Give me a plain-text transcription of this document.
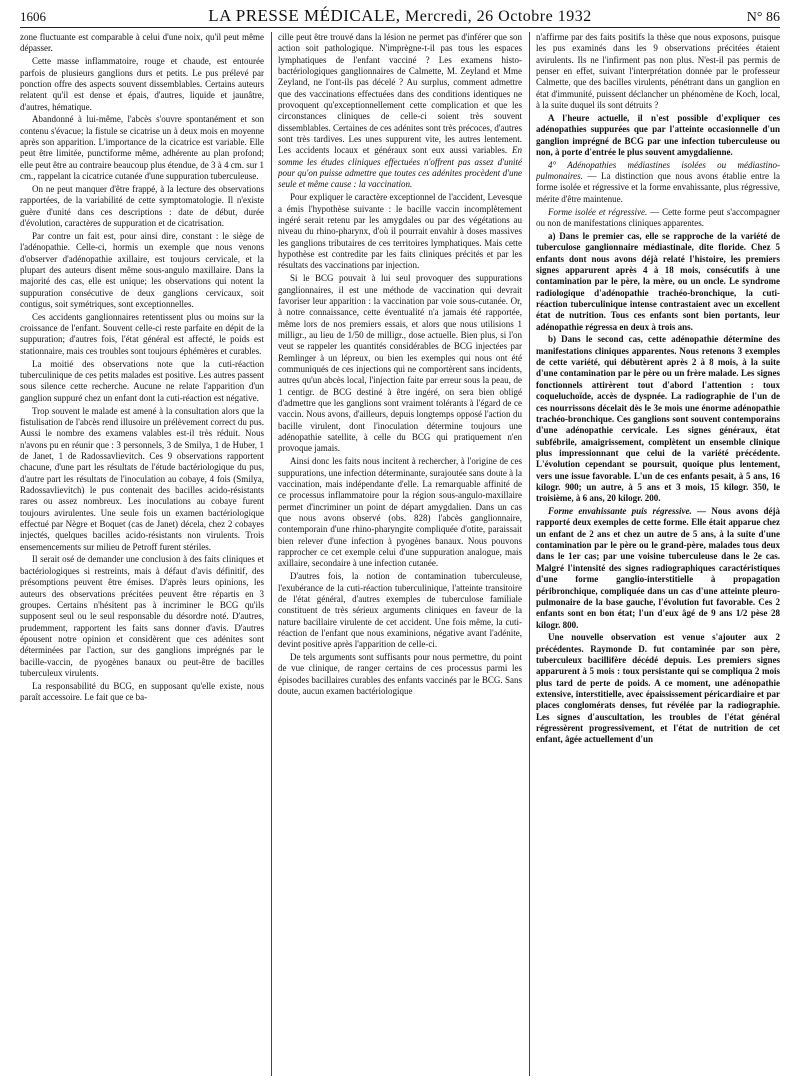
1606	LA PRESSE MÉDICALE, Mercredi, 26 Octobre 1932	N° 86

zone fluctuante est comparable à celui d'une noix, qu'il peut même dépasser.

Cette masse inflammatoire, rouge et chaude, est entourée parfois de plusieurs ganglions durs et petits. Le pus prélevé par ponction offre des aspects souvent dissemblables. Certains auteurs relatent qu'il est dense et épais, d'autres, liquide et jaunâtre, d'autres, hématique.

Abandonné à lui-même, l'abcès s'ouvre spontanément et son contenu s'évacue; la fistule se cicatrise un à deux mois en moyenne après son apparition. L'importance de la cicatrice est variable. Elle peut être limitée, punctiforme même, adhérente au plan profond; elle peut être au contraire beaucoup plus étendue, de 3 à 4 cm. sur 1 cm., rappelant la cicatrice cutanée d'une suppuration tuberculeuse.

On ne peut manquer d'être frappé, à la lecture des observations rapportées, de la variabilité de cette symptomatologie. Il n'existe guère d'unité dans ces descriptions : date de début, durée d'évolution, caractères de suppuration et de cicatrisation.

Par contre un fait est, pour ainsi dire, constant : le siège de l'adénopathie. Celle-ci, hormis un exemple que nous venons d'observer d'adénopathie axillaire, est toujours cervicale, et la plupart des auteurs disent même sous-angulo maxillaire. Dans la majorité des cas, elle est unique; les observations qui notent la suppuration consécutive de deux ganglions cervicaux, soit contigus, soit symétriques, sont exceptionnelles.

Ces accidents ganglionnaires retentissent plus ou moins sur la croissance de l'enfant. Souvent celle-ci reste parfaite en dépit de la suppuration; d'autres fois, l'état général est affecté, le poids est stationnaire, mais ces troubles sont toujours éphémères et curables.

La moitié des observations note que la cuti-réaction tuberculinique de ces petits malades est positive. Les autres passent sous silence cette recherche. Aucune ne relate l'apparition d'un ganglion suppuré chez un enfant dont la cuti-réaction est négative.

Trop souvent le malade est amené à la consultation alors que la fistulisation de l'abcès rend illusoire un prélèvement correct du pus. Aussi le nombre des examens valables est-il très réduit. Nous n'avons pu en réunir que : 3 personnels, 3 de Smilya, 1 de Huber, 1 de Janet, 1 de Radossavlievitch. Ces 9 observations rapportent chacune, d'une part les résultats de l'étude bactériologique du pus, d'autre part les résultats de l'inoculation au cobaye, 4 fois (Smilya, Radossavlievitch) le pus contenait des bacilles acido-résistants rares ou assez nombreux. Les inoculations au cobaye furent toujours avirulentes. Une seule fois un examen bactériologique effectué par Nègre et Boquet (cas de Janet) décela, chez 2 cobayes injectés, quelques bacilles acido-résistants non virulents. Trois ensemencements sur milieu de Petroff furent stériles.

Il serait osé de demander une conclusion à des faits cliniques et bactériologiques si restreints, mais à défaut d'avis définitif, des présomptions peuvent être émises. D'après leurs opinions, les auteurs des observations précitées peuvent être répartis en 3 groupes. Certains n'hésitent pas à incriminer le BCG qu'ils supposent seul ou le seul responsable du désordre noté. D'autres, prudemment, rapportent les faits sans donner d'avis. D'autres épousent notre opinion et considèrent que ces adénites sont déterminées par l'action, sur des ganglions imprégnés par le bacille-vaccin, de pyogènes banaux ou peut-être de bacilles tuberculeux virulents.

La responsabilité du BCG, en supposant qu'elle existe, nous paraît accessoire. Le fait que ce ba-

cille peut être trouvé dans la lésion ne permet pas d'inférer que son action soit pathologique. N'imprègne-t-il pas tous les espaces lymphatiques de l'enfant vacciné ? Les examens histo-bactériologiques ganglionnaires de Calmette, M. Zeyland et Mme Zeyland, ne l'ont-ils pas décelé ? Au surplus, comment admettre que des vaccinations effectuées dans des conditions identiques ne provoquent qu'exceptionnellement cette complication et que les circonstances cliniques de celle-ci soient très souvent dissemblables. Certaines de ces adénites sont très précoces, d'autres sont très tardives. Les unes suppurent vite, les autres lentement. Les accidents locaux et généraux sont eux aussi variables. En somme les études cliniques effectuées n'offrent pas assez d'unité pour qu'on puisse admettre que toutes ces adénites procèdent d'une seule et même cause : la vaccination.

Pour expliquer le caractère exceptionnel de l'accident, Levesque a émis l'hypothèse suivante : le bacille vaccin incomplètement ingéré serait retenu par les amygdales ou par des végétations au niveau du rhino-pharynx, d'où il pourrait envahir à doses massives les ganglions tributaires de ces territoires lymphatiques. Mais cette hypothèse est contredite par les faits cliniques précités et par les résultats des vaccinations par injection.

Si le BCG pouvait à lui seul provoquer des suppurations ganglionnaires, il est une méthode de vaccination qui devrait favoriser leur apparition : la vaccination par voie sous-cutanée. Or, à notre connaissance, cette éventualité n'a jamais été rapportée, même lors de nos premiers essais, et alors que nous utilisions 1 milligr., au lieu de 1/50 de milligr., dose actuelle. Bien plus, si l'on veut se rappeler les quantités considérables de BCG injectées par Remlinger à un lépreux, ou bien les exemples qui nous ont été communiqués de ces injections qui ne comportèrent sans incidents, autres qu'un abcès local, l'injection faite par erreur sous la peau, de 1 centigr. de BCG destiné à être ingéré, on sera bien obligé d'admettre que les ganglions sont vraiment tolérants à l'égard de ce vaccin. Nous avons, d'ailleurs, depuis longtemps opposé l'action du bacille virulent, dont l'inoculation détermine toujours une adénopathie satellite, à celle du BCG qui pratiquement n'en provoque jamais.

Ainsi donc les faits nous incitent à rechercher, à l'origine de ces suppurations, une infection déterminante, surajoutée sans doute à la vaccination, mais indépendante d'elle. La remarquable affinité de ce processus inflammatoire pour la région sous-angulo-maxillaire permet d'incriminer un point de départ amygdalien. Dans un cas que nous avons observé (obs. 828) l'abcès ganglionnaire, contemporain d'une rhino-pharyngite compliquée d'otite, paraissait bien relever d'une infection à pyogènes banaux. Nous pouvons rapprocher ce cet exemple celui d'une suppuration analogue, mais axillaire, secondaire à une infection cutanée.

D'autres fois, la notion de contamination tuberculeuse, l'exubérance de la cuti-réaction tuberculinique, l'atteinte transitoire de l'état général, d'autres exemples de tuberculose familiale constituent de très sérieux arguments cliniques en faveur de la nature bacillaire virulente de cet accident. Une fois même, la cuti-réaction de l'enfant que nous examinions, négative avant l'adénite, devint positive après l'apparition de celle-ci.

De tels arguments sont suffisants pour nous permettre, du point de vue clinique, de ranger certains de ces processus parmi les épisodes bacillaires curables des enfants vaccinés par le BCG. Sans doute, aucun examen bactériologique

n'affirme par des faits positifs la thèse que nous exposons, puisque les pus examinés dans les 9 observations précitées étaient avirulents. Ils ne l'infirment pas non plus. N'est-il pas permis de penser en effet, suivant l'interprétation donnée par le professeur Calmette, que des bacilles virulents, pénétrant dans un ganglion en état d'immunité, puissent déclancher un phénomène de Koch, local, à la suite duquel ils sont détruits ?

A l'heure actuelle, il n'est possible d'expliquer ces adénopathies suppurées que par l'atteinte occasionnelle d'un ganglion imprégné de BCG par une infection tuberculeuse ou non, à porte d'entrée le plus souvent amygdalienne.

4° Adénopathies médiastines isolées ou médiastino-pulmonaires. — La distinction que nous avons établie entre la forme isolée et régressive et la forme envahissante, plus régressive, mérite d'être maintenue.

Forme isolée et régressive. — Cette forme peut s'accompagner ou non de manifestations cliniques apparentes.

a) Dans le premier cas, elle se rapproche de la variété de tuberculose ganglionnaire médiastinale, dite floride. Chez 5 enfants dont nous avons déjà relaté l'histoire, les premiers signes apparurent après 4 à 18 mois, consécutifs à une contamination par le père, la mère, ou un oncle. Le syndrome radiologique d'adénopathie trachéo-bronchique, la cuti-réaction tuberculinique intense contrastaient avec un excellent état de nutrition. Tous ces enfants sont bien portants, leur adénopathie régressa en deux à trois ans.

b) Dans le second cas, cette adénopathie détermine des manifestations cliniques apparentes. Nous retenons 3 exemples de cette variété, qui débutèrent après 2 à 8 mois, à la suite d'une contamination par le père ou un frère malade. Les signes fonctionnels attirèrent tout d'abord l'attention : toux coqueluchoïde, accès de dyspnée. La radiographie de l'un de ces nourrissons décelait dès le 3e mois une énorme adénopathie trachéo-bronchique. Ces ganglions sont souvent contemporains d'une adénopathie cervicale. Les signes généraux, état subfébrile, amaigrissement, complètent un ensemble clinique plus impressionnant que celui de la variété précédente. L'évolution cependant se poursuit, quoique plus lentement, vers une issue favorable. L'un de ces enfants pesait, à 5 ans, 16 kilogr. 900; un autre, à 5 ans et 3 mois, 15 kilogr. 350, le troisième, à 6 ans, 20 kilogr. 200.

Forme envahissante puis régressive. — Nous avons déjà rapporté deux exemples de cette forme. Elle était apparue chez un enfant de 2 ans et chez un autre de 5 ans, à la suite d'une contamination par le père ou le grand-père, malades tous deux dans le 1er cas; par une voisine tuberculeuse dans le 2e cas. Malgré l'intensité des signes radiographiques caractéristiques d'une forme ganglio-interstitielle à propagation péribronchique, compliquée dans un cas d'une atteinte pleuro-pulmonaire de la base gauche, l'évolution fut favorable. Ces 2 enfants sont en bon état; l'un d'eux âgé de 9 ans 1/2 pèse 28 kilogr. 800.

Une nouvelle observation est venue s'ajouter aux 2 précédentes. Raymonde D. fut contaminée par son père, tuberculeux bacillifère décédé depuis. Les premiers signes apparurent à 5 mois : toux persistante qui se compliqua 2 mois plus tard de perte de poids. A ce moment, une adénopathie extensive, interstitielle, avec épaississement péricardiaire et par places conglomérats denses, fut révélée par la radiographie. Les signes d'auscultation, les troubles de l'état général régressèrent progressivement, et l'état de nutrition de cet enfant, âgée actuellement d'un
